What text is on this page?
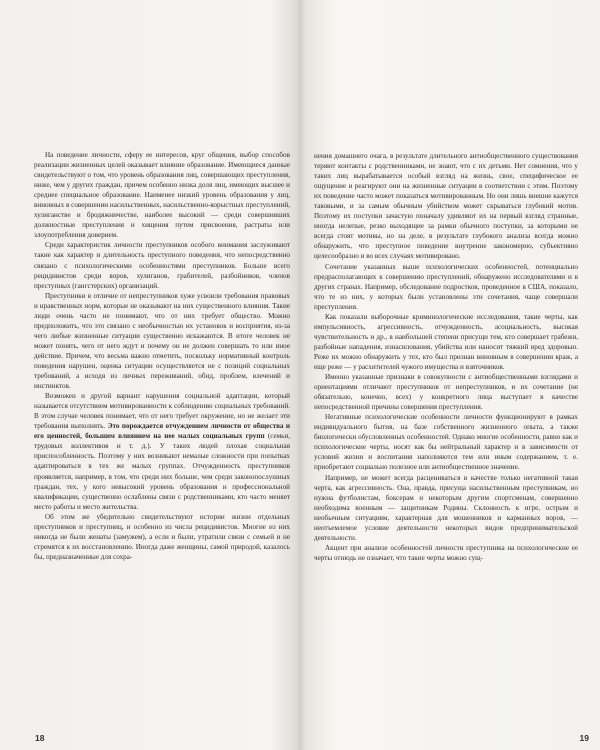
На поведение личности, сферу ее интересов, круг общения, выбор способов реализации жизненных целей оказывает влияние образование. Имеющиеся данные свидетельствуют о том, что уровень образования лиц, совершающих преступления, ниже, чем у других граждан, причем особенно низка доля лиц, имеющих высшее и среднее специальное образование. Наименее низкий уровень образования у лиц, виновных в совершении насильственных, насильственно-корыстных преступлений, хулиганстве и бродяжничестве, наиболее высокий — среди совершивших должностные преступления и хищения путем присвоения, растраты или злоупотребления доверием.

Среди характеристик личности преступников особого внимания заслуживают такие как характер и длительность преступного поведения, что непосредственно связано с психологическими особенностями преступников. Больше всего рецидивистов среди воров, хулиганов, грабителей, разбойников, членов преступных (гангстерских) организаций.

Преступники в отличие от непреступников хуже усвоили требования правовых и нравственных норм, которые не оказывают на них существенного влияния. Такие люди очень часто не понимают, что от них требует общество. Можно предположить, что это связано с необычностью их установок и восприятия, из-за чего любые жизненные ситуации существенно искажаются. В итоге человек не может понять, чего от него ждут и почему он не должен совершать то или иное действие. Причем, что весьма важно отметить, поскольку нормативный контроль поведения нарушен, оценка ситуации осуществляется не с позиций социальных требований, а исходя из личных переживаний, обид, проблем, влечений и инстинктов.

Возможен и другой вариант нарушения социальной адаптации, который называется отсутствием мотивированности к соблюдению социальных требований. В этом случае человек понимает, что от него требует окружение, но не желает эти требования выполнять. Это порождается отчуждением личности от общества и его ценностей, большим влиянием на нее малых социальных групп (семьи, трудовых коллективов и т. д.). У таких людей плохая социальная приспособленность. Поэтому у них возникают немалые сложности при попытках адаптироваться в тех же малых группах. Отчужденность преступников проявляется, например, в том, что среди них больше, чем среди законопослушных граждан, тех, у кого невысокий уровень образования и профессиональной квалификации, существенно ослаблены связи с родственниками, кто часто меняет место работы и место жительства.

Об этом же убедительно свидетельствуют истории жизни отдельных преступников и преступниц, и особенно из числа рецидивистов. Многие из них никогда не были женаты (замужем), а если и были, утратили связи с семьей и не стремятся к их восстановлению. Иногда даже женщины, самой природой, казалось бы, предназначенные для сохра-

18

нения домашнего очага, в результате длительного антиобщественного существования теряют контакты с родственниками, не знают, что с их детьми. Нет сомнения, что у таких лиц вырабатывается особый взгляд на жизнь, свое, специфическое ее ощущение и реагируют они на жизненные ситуации в соответствии с этим. Поэтому их поведение часто может показаться мотивированным. Но они лишь внешне кажутся таковыми, и за самым обычным убийством может скрываться глубокий мотив. Поэтому их поступки зачастую поначалу удивляют их на первый взгляд странные, иногда нелепые, резко выходящие за рамки обычного поступки, за которыми не всегда стоят мотивы, но на деле, в результате глубокого анализа всегда можно обнаружить, что преступное поведение внутренне закономерно, субъективно целесообразно и во всех случаях мотивировано.

Сочетание указанных выше психологических особенностей, потенциально предрасполагающих к совершению преступлений, обнаружено исследователями и в других странах. Например, обследование подростков, проведенное в США, показало, что те из них, у которых были установлены эти сочетания, чаще совершали преступления.

Как показали выборочные криминологические исследования, такие черты, как импульсивность, агрессивность, отчужденность, асоциальность, высокая чувствительность и др., в наибольшей степени присущи тем, кто совершает грабежи, разбойные нападения, изнасилования, убийства или наносит тяжкий вред здоровью. Реже их можно обнаружить у тех, кто был признан виновным в совершении краж, а еще реже — у расхитителей чужого имущества и взяточников.

Именно указанные признаки в совокупности с антиобщественными взглядами и ориентациями отличают преступников от непреступников, и их сочетание (не обязательно, конечно, всех) у конкретного лица выступает в качестве непосредственной причины совершения преступления.

Негативные психологические особенности личности функционируют в рамках индивидуального бытия, на базе собственного жизненного опыта, а также биологически обусловленных особенностей. Однако многие особенности, равно как и психологические черты, носят как бы нейтральный характер и в зависимости от условий жизни и воспитания наполняются тем или иным содержанием, т. е. приобретают социально полезное или антиобщественное значение.

Например, не может всегда расцениваться в качестве только негативной такая черта, как агрессивность. Она, правда, присуща насильственным преступникам, но нужна футболистам, боксерам и некоторым другим спортсменам, совершенно необходима военным — защитникам Родины. Склонность к игре, острым и необычным ситуациям, характерная для мошенников и карманных воров, — неотъемлемое условие деятельности некоторых видов предпринимательской деятельности.

Акцент при анализе особенностей личности преступника на психологические ее черты отнюдь не означает, что такие черты можно сущ-

19
